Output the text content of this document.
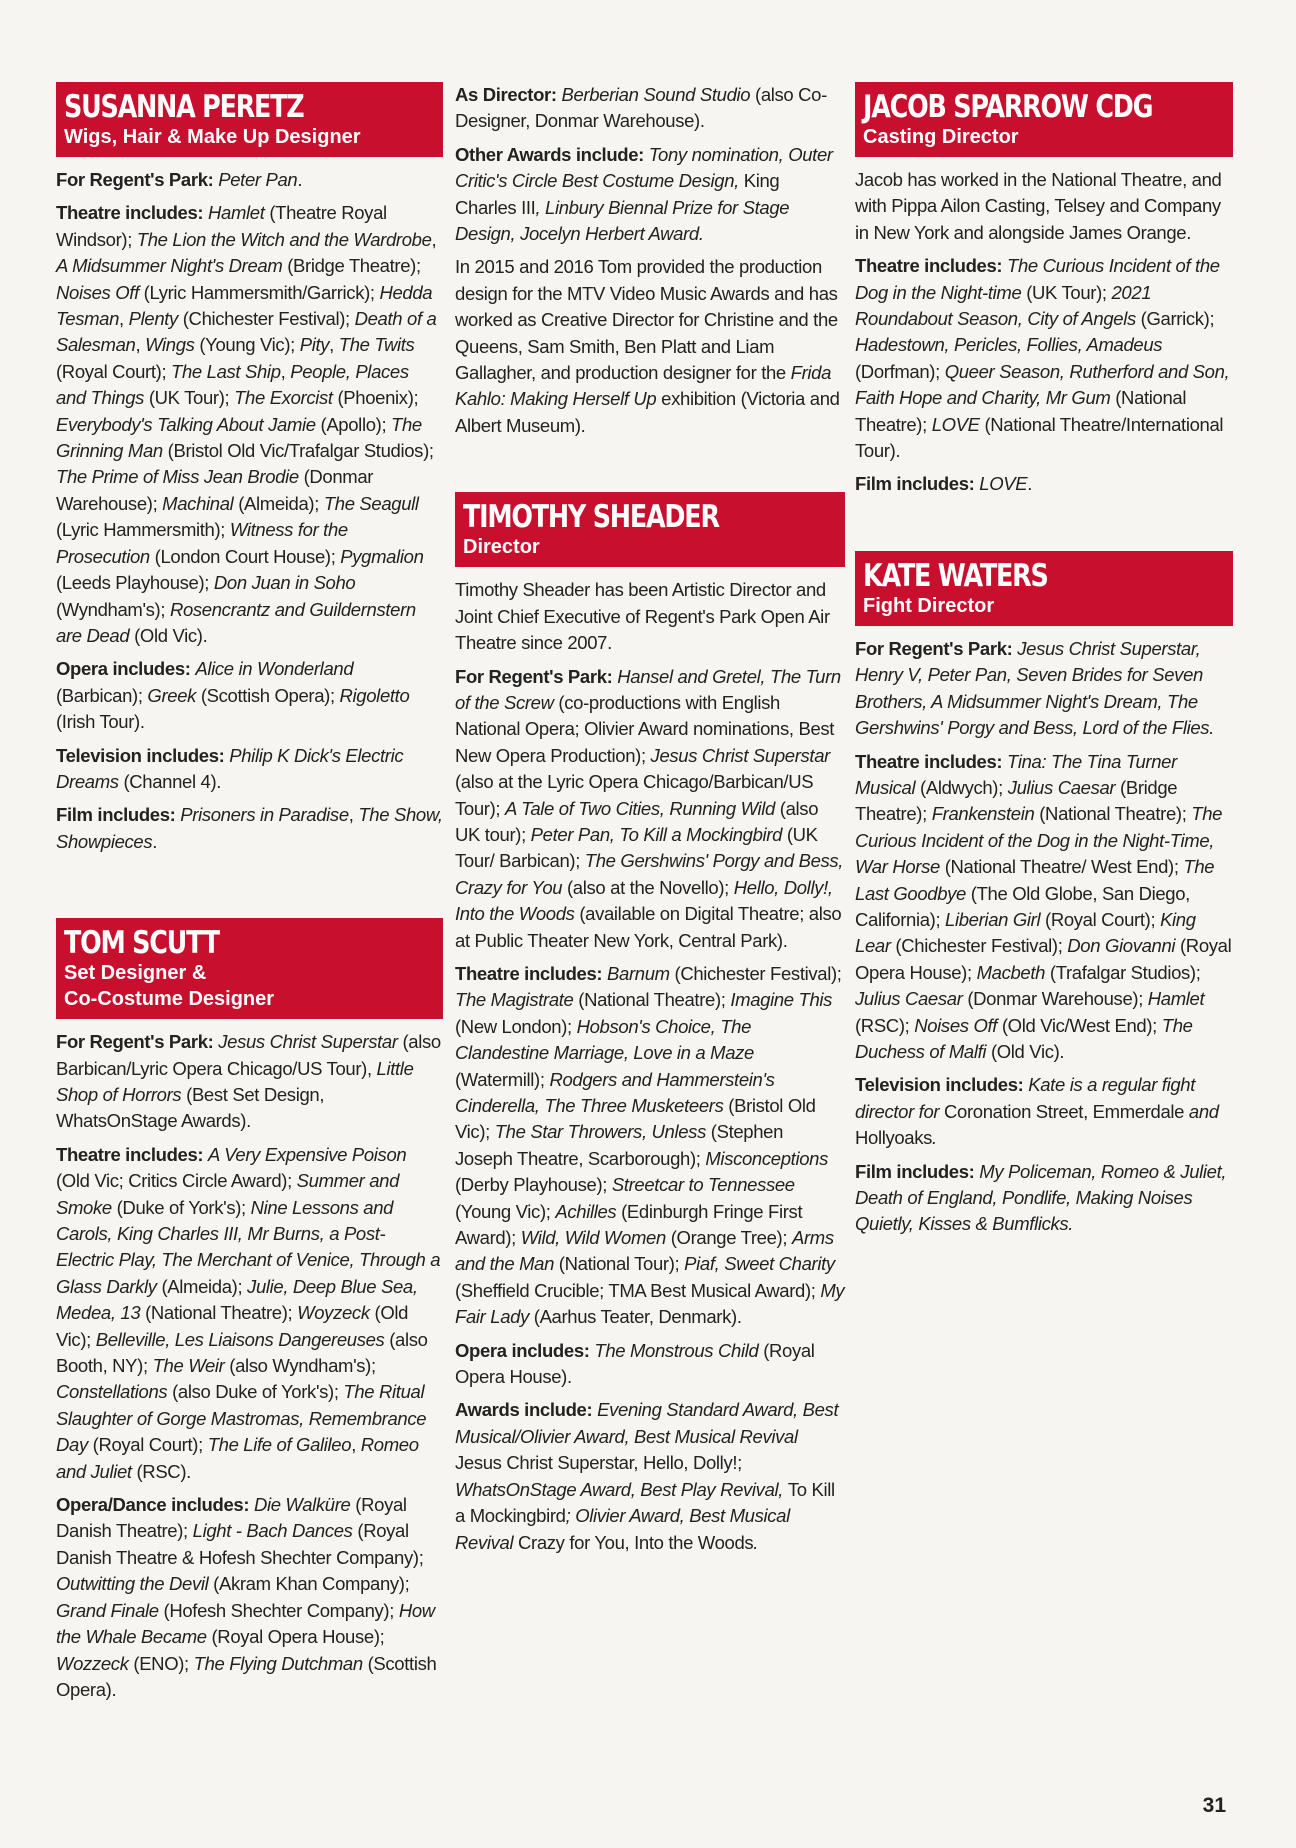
SUSANNA PERETZ
Wigs, Hair & Make Up Designer
For Regent's Park: Peter Pan.
Theatre includes: Hamlet (Theatre Royal Windsor); The Lion the Witch and the Wardrobe, A Midsummer Night's Dream (Bridge Theatre); Noises Off (Lyric Hammersmith/Garrick); Hedda Tesman, Plenty (Chichester Festival); Death of a Salesman, Wings (Young Vic); Pity, The Twits (Royal Court); The Last Ship, People, Places and Things (UK Tour); The Exorcist (Phoenix); Everybody's Talking About Jamie (Apollo); The Grinning Man (Bristol Old Vic/Trafalgar Studios); The Prime of Miss Jean Brodie (Donmar Warehouse); Machinal (Almeida); The Seagull (Lyric Hammersmith); Witness for the Prosecution (London Court House); Pygmalion (Leeds Playhouse); Don Juan in Soho (Wyndham's); Rosencrantz and Guildernstern are Dead (Old Vic).
Opera includes: Alice in Wonderland (Barbican); Greek (Scottish Opera); Rigoletto (Irish Tour).
Television includes: Philip K Dick's Electric Dreams (Channel 4).
Film includes: Prisoners in Paradise, The Show, Showpieces.
TOM SCUTT
Set Designer &
Co-Costume Designer
For Regent's Park: Jesus Christ Superstar (also Barbican/Lyric Opera Chicago/US Tour), Little Shop of Horrors (Best Set Design, WhatsOnStage Awards).
Theatre includes: A Very Expensive Poison (Old Vic; Critics Circle Award); Summer and Smoke (Duke of York's); Nine Lessons and Carols, King Charles III, Mr Burns, a Post-Electric Play, The Merchant of Venice, Through a Glass Darkly (Almeida); Julie, Deep Blue Sea, Medea, 13 (National Theatre); Woyzeck (Old Vic); Belleville, Les Liaisons Dangereuses (also Booth, NY); The Weir (also Wyndham's); Constellations (also Duke of York's); The Ritual Slaughter of Gorge Mastromas, Remembrance Day (Royal Court); The Life of Galileo, Romeo and Juliet (RSC).
Opera/Dance includes: Die Walküre (Royal Danish Theatre); Light - Bach Dances (Royal Danish Theatre & Hofesh Shechter Company); Outwitting the Devil (Akram Khan Company); Grand Finale (Hofesh Shechter Company); How the Whale Became (Royal Opera House); Wozzeck (ENO); The Flying Dutchman (Scottish Opera).
As Director: Berberian Sound Studio (also Co-Designer, Donmar Warehouse).
Other Awards include: Tony nomination, Outer Critic's Circle Best Costume Design, King Charles III, Linbury Biennal Prize for Stage Design, Jocelyn Herbert Award.
In 2015 and 2016 Tom provided the production design for the MTV Video Music Awards and has worked as Creative Director for Christine and the Queens, Sam Smith, Ben Platt and Liam Gallagher, and production designer for the Frida Kahlo: Making Herself Up exhibition (Victoria and Albert Museum).
TIMOTHY SHEADER
Director
Timothy Sheader has been Artistic Director and Joint Chief Executive of Regent's Park Open Air Theatre since 2007.
For Regent's Park: Hansel and Gretel, The Turn of the Screw (co-productions with English National Opera; Olivier Award nominations, Best New Opera Production); Jesus Christ Superstar (also at the Lyric Opera Chicago/Barbican/US Tour); A Tale of Two Cities, Running Wild (also UK tour); Peter Pan, To Kill a Mockingbird (UK Tour/ Barbican); The Gershwins' Porgy and Bess, Crazy for You (also at the Novello); Hello, Dolly!, Into the Woods (available on Digital Theatre; also at Public Theater New York, Central Park).
Theatre includes: Barnum (Chichester Festival); The Magistrate (National Theatre); Imagine This (New London); Hobson's Choice, The Clandestine Marriage, Love in a Maze (Watermill); Rodgers and Hammerstein's Cinderella, The Three Musketeers (Bristol Old Vic); The Star Throwers, Unless (Stephen Joseph Theatre, Scarborough); Misconceptions (Derby Playhouse); Streetcar to Tennessee (Young Vic); Achilles (Edinburgh Fringe First Award); Wild, Wild Women (Orange Tree); Arms and the Man (National Tour); Piaf, Sweet Charity (Sheffield Crucible; TMA Best Musical Award); My Fair Lady (Aarhus Teater, Denmark).
Opera includes: The Monstrous Child (Royal Opera House).
Awards include: Evening Standard Award, Best Musical/Olivier Award, Best Musical Revival Jesus Christ Superstar, Hello, Dolly!; WhatsOnStage Award, Best Play Revival, To Kill a Mockingbird; Olivier Award, Best Musical Revival Crazy for You, Into the Woods.
JACOB SPARROW CDG
Casting Director
Jacob has worked in the National Theatre, and with Pippa Ailon Casting, Telsey and Company in New York and alongside James Orange.
Theatre includes: The Curious Incident of the Dog in the Night-time (UK Tour); 2021 Roundabout Season, City of Angels (Garrick); Hadestown, Pericles, Follies, Amadeus (Dorfman); Queer Season, Rutherford and Son, Faith Hope and Charity, Mr Gum (National Theatre); LOVE (National Theatre/International Tour).
Film includes: LOVE.
KATE WATERS
Fight Director
For Regent's Park: Jesus Christ Superstar, Henry V, Peter Pan, Seven Brides for Seven Brothers, A Midsummer Night's Dream, The Gershwins' Porgy and Bess, Lord of the Flies.
Theatre includes: Tina: The Tina Turner Musical (Aldwych); Julius Caesar (Bridge Theatre); Frankenstein (National Theatre); The Curious Incident of the Dog in the Night-Time, War Horse (National Theatre/ West End); The Last Goodbye (The Old Globe, San Diego, California); Liberian Girl (Royal Court); King Lear (Chichester Festival); Don Giovanni (Royal Opera House); Macbeth (Trafalgar Studios); Julius Caesar (Donmar Warehouse); Hamlet (RSC); Noises Off (Old Vic/West End); The Duchess of Malfi (Old Vic).
Television includes: Kate is a regular fight director for Coronation Street, Emmerdale and Hollyoaks.
Film includes: My Policeman, Romeo & Juliet, Death of England, Pondlife, Making Noises Quietly, Kisses & Bumflicks.
31
